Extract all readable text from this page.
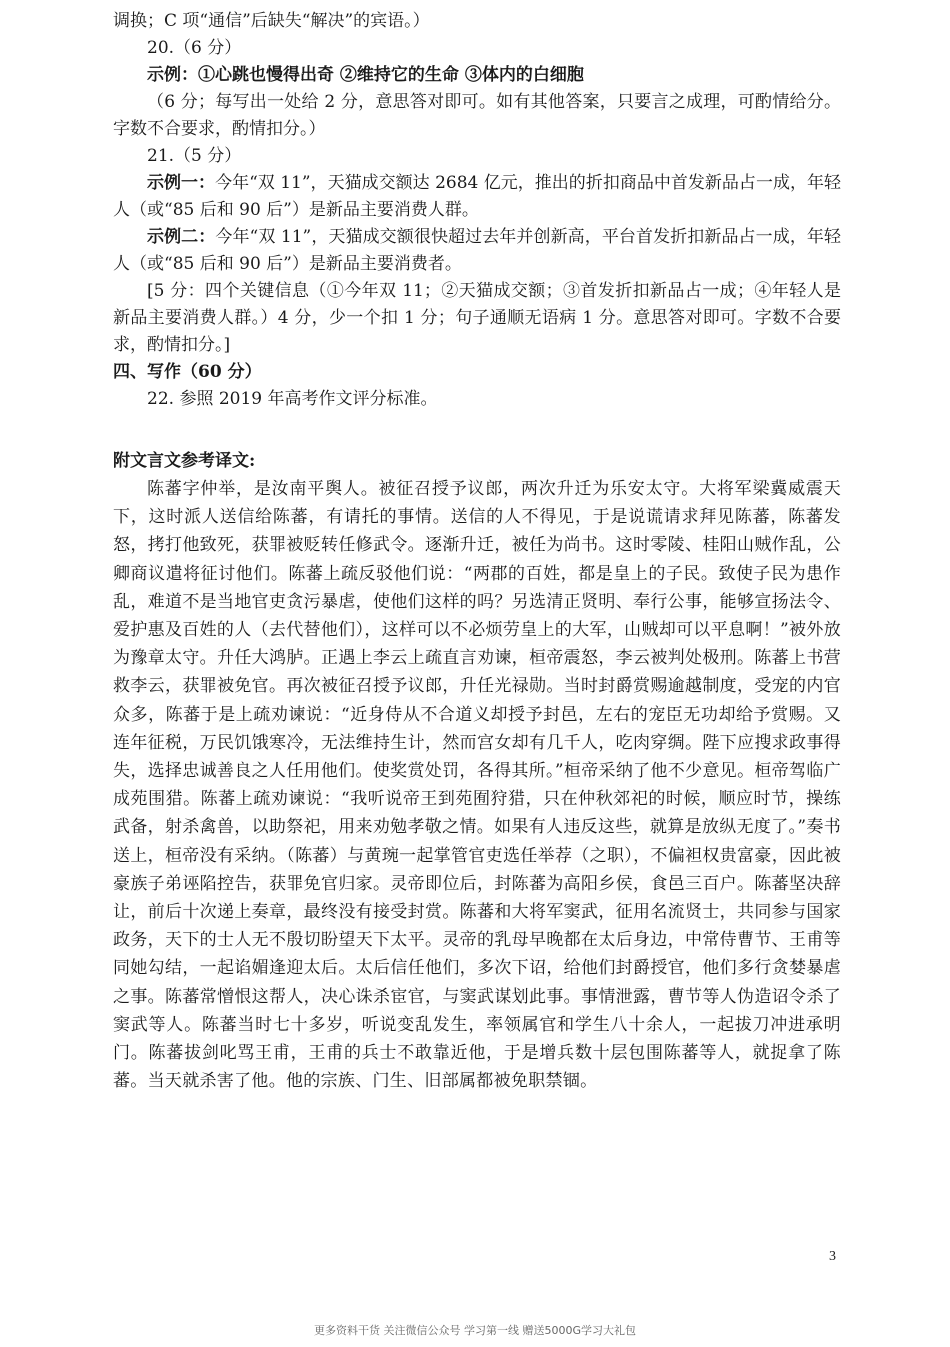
调换；C 项“通信”后缺失“解决”的宾语。）

20.（6 分）

示例：①心跳也慢得出奇 ②维持它的生命 ③体内的白细胞

（6 分；每写出一处给 2 分，意思答对即可。如有其他答案，只要言之成理，可酌情给分。字数不合要求，酌情扣分。）

21.（5 分）

示例一：今年“双 11”，天猫成交额达 2684 亿元，推出的折扣商品中首发新品占一成，年轻人（或“85 后和 90 后”）是新品主要消费人群。

示例二：今年“双 11”，天猫成交额很快超过去年并创新高，平台首发折扣新品占一成，年轻人（或“85 后和 90 后”）是新品主要消费者。

[5 分：四个关键信息（①今年双 11；②天猫成交额；③首发折扣新品占一成；④年轻人是新品主要消费人群。）4 分，少一个扣 1 分；句子通顺无语病 1 分。意思答对即可。字数不合要求，酌情扣分。]

四、写作（60 分）

22. 参照 2019 年高考作文评分标准。

附文言文参考译文:

陈蕃字仲举，是汝南平舆人。被征召授予议郎，两次升迁为乐安太守。大将军梁冀威震天下，这时派人送信给陈蕃，有请托的事情。送信的人不得见，于是说谎请求拜见陈蕃，陈蕃发怒，拷打他致死，获罪被贬转任修武令。逐渐升迁，被任为尚书。这时零陵、桂阳山贼作乱，公卿商议遣将征讨他们。陈蕃上疏反驳他们说：“两郡的百姓，都是皇上的子民。致使子民为患作乱，难道不是当地官吏贪污暴虐，使他们这样的吗？另选清正贤明、奉行公事，能够宣扬法令、爱护惠及百姓的人（去代替他们），这样可以不必烦劳皇上的大军，山贼却可以平息啊！”被外放为豫章太守。升任大鸿胪。正遇上李云上疏直言劝谏，桓帝震怒，李云被判处极刑。陈蕃上书营救李云，获罪被免官。再次被征召授予议郎，升任光禄勋。当时封爵赏赐逾越制度，受宠的内官众多，陈蕃于是上疏劝谏说：“近身侍从不合道义却授予封邑，左右的宠臣无功却给予赏赐。又连年征税，万民饥饿寒冷，无法维持生计，然而宫女却有几千人，吃肉穿绸。陛下应搜求政事得失，选择忠诚善良之人任用他们。使奖赏处罚，各得其所。”桓帝采纳了他不少意见。桓帝驾临广成苑围猎。陈蕃上疏劝谏说：“我听说帝王到苑囿狩猎，只在仲秋郊祀的时候，顺应时节，操练武备，射杀禽兽，以助祭祀，用来劝勉孝敬之情。如果有人违反这些，就算是放纵无度了。”奏书送上，桓帝没有采纳。（陈蕃）与黄琬一起掌管官吏选任举荐（之职），不偏袒权贵富豪，因此被豪族子弟诬陷控告，获罪免官归家。灵帝即位后，封陈蕃为高阳乡侯，食邑三百户。陈蕃坚决辞让，前后十次递上奏章，最终没有接受封赏。陈蕃和大将军窦武，征用名流贤士，共同参与国家政务，天下的士人无不殷切盼望天下太平。灵帝的乳母早晚都在太后身边，中常侍曹节、王甫等同她勾结，一起谄媚逢迎太后。太后信任他们，多次下诏，给他们封爵授官，他们多行贪婪暴虐之事。陈蕃常憎恨这帮人，决心诛杀宦官，与窦武谋划此事。事情泄露，曹节等人伪造诏令杀了窦武等人。陈蕃当时七十多岁，听说变乱发生，率领属官和学生八十余人，一起拔刀冲进承明门。陈蕃拔剑叱骂王甫，王甫的兵士不敢靠近他，于是增兵数十层包围陈蕃等人，就捉拿了陈蕃。当天就杀害了他。他的宗族、门生、旧部属都被免职禁锢。

3
更多资料干货 关注微信公众号 学习第一线 赠送5000G学习大礼包
